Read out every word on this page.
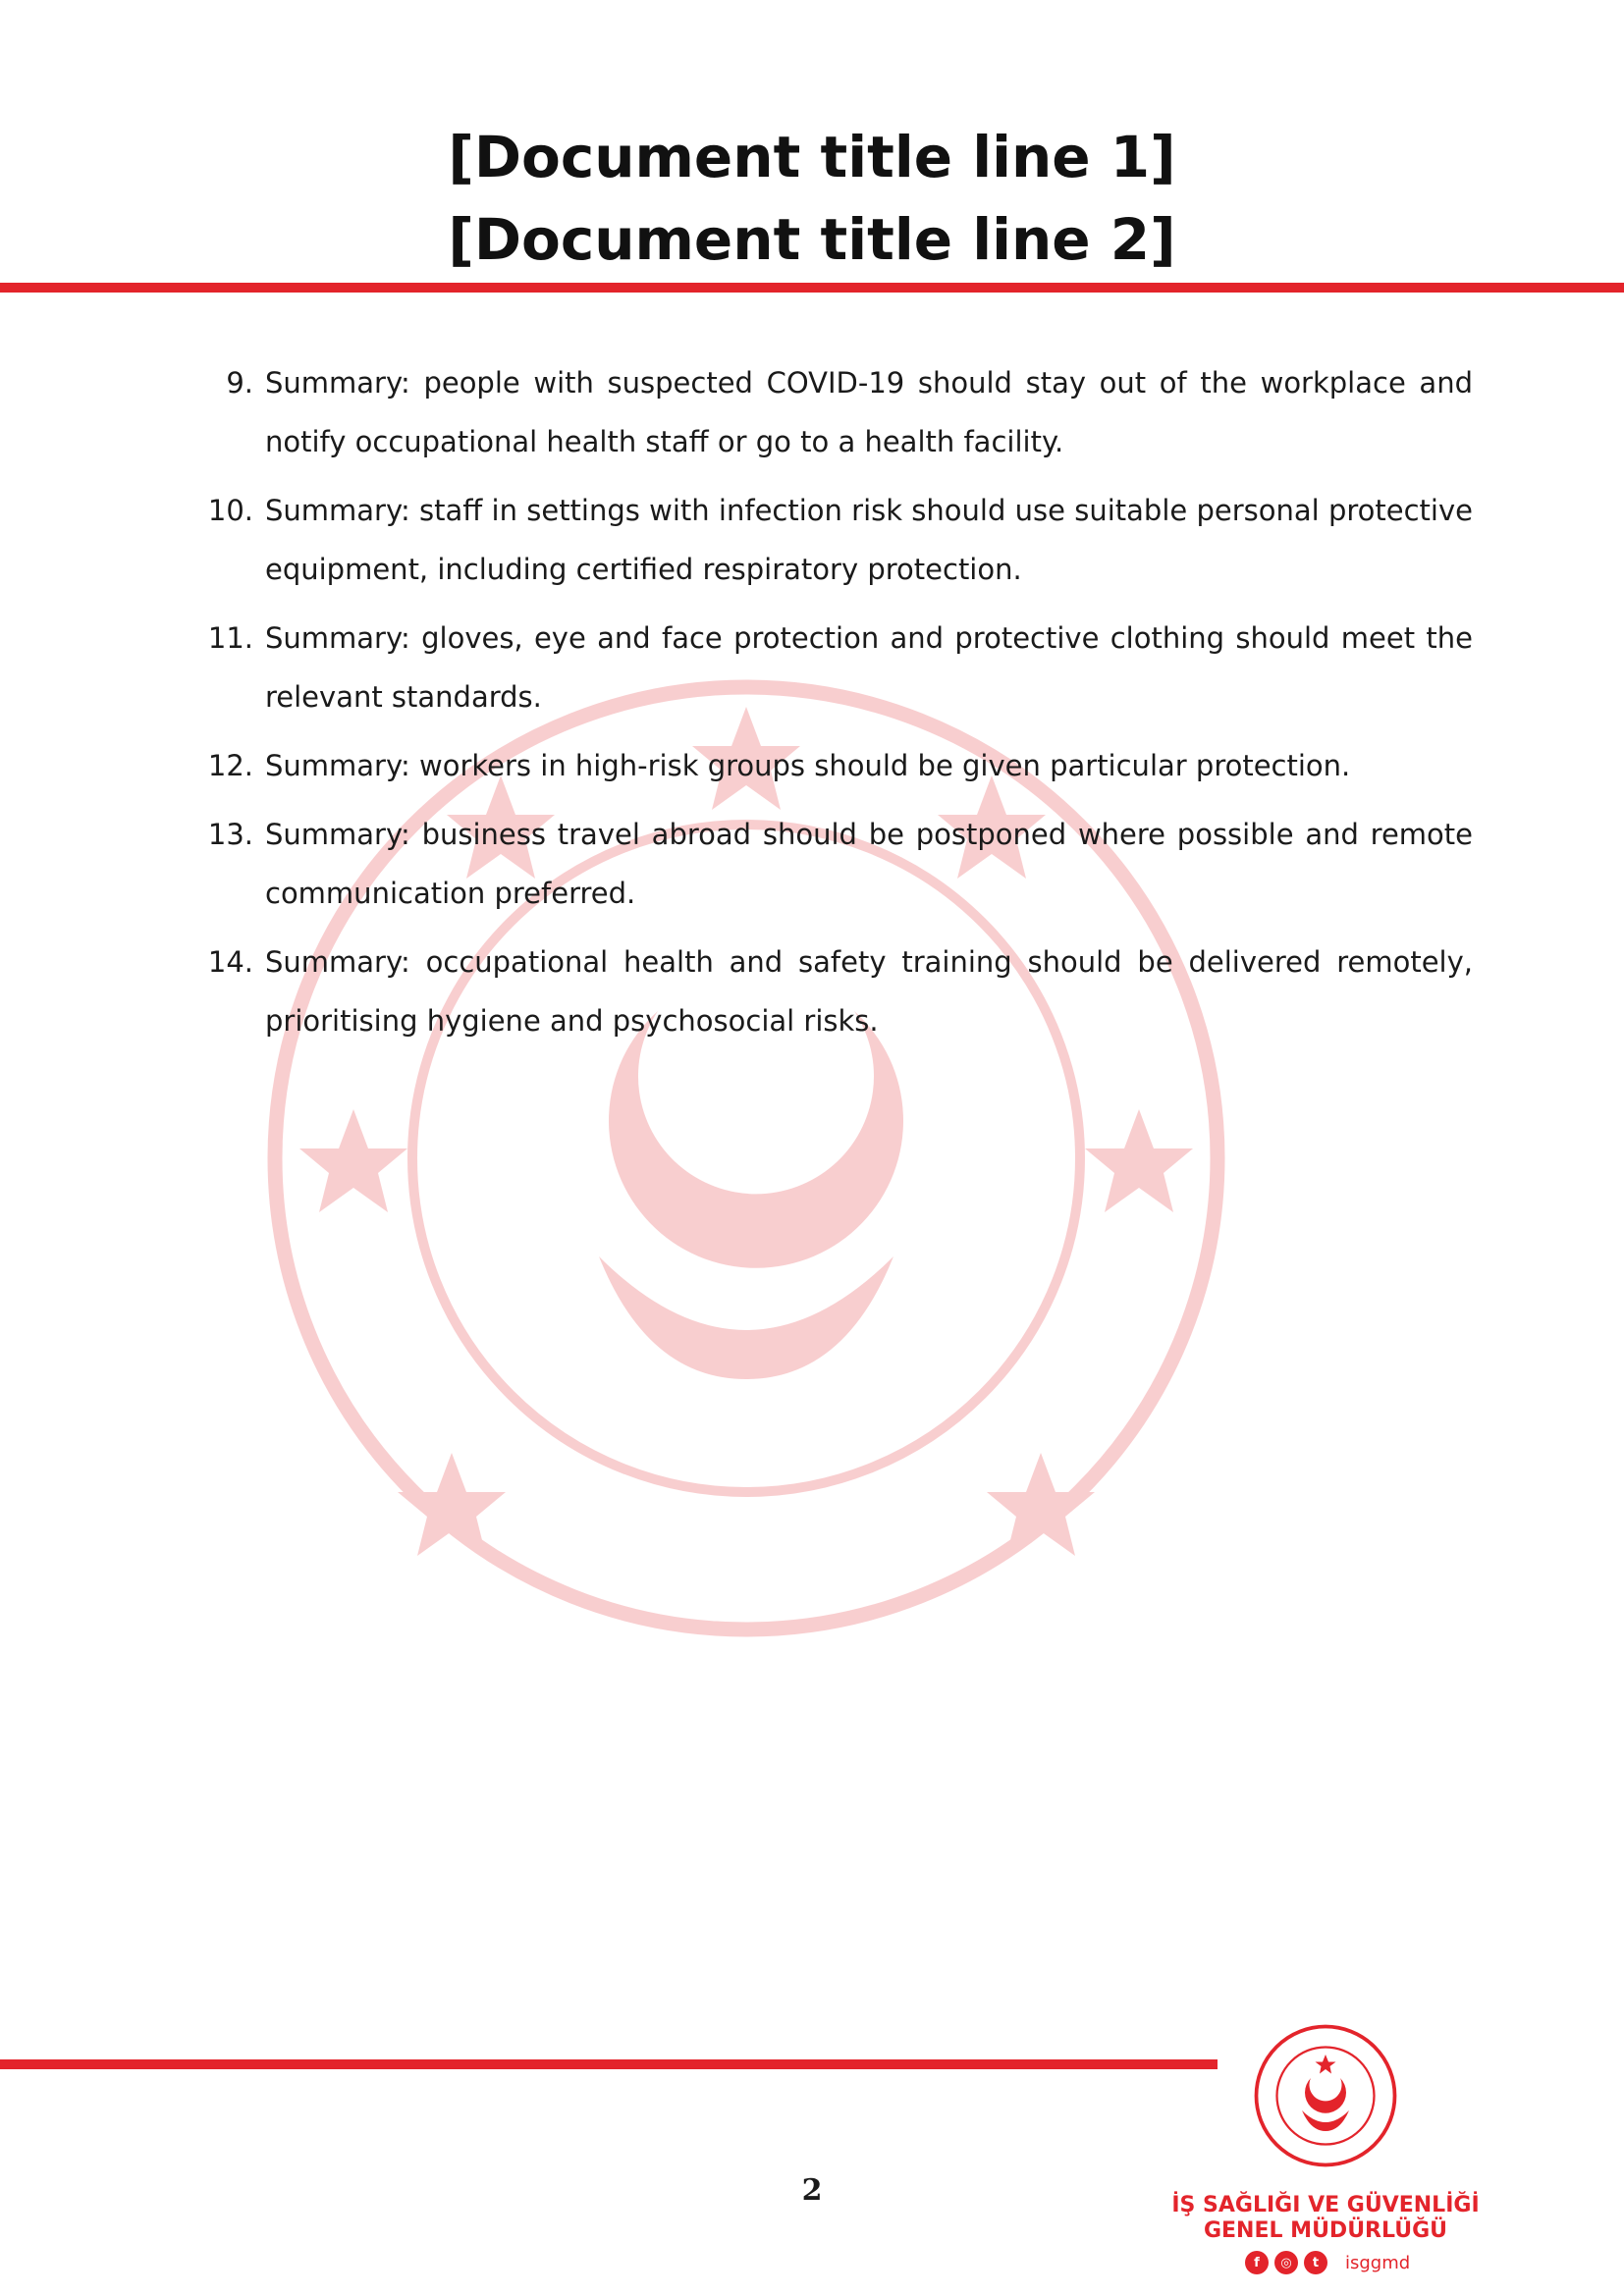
[Document title line 1]
[Document title line 2]
9. Summary: people with suspected COVID-19 should stay out of the workplace and notify occupational health staff or go to a health facility.
10. Summary: staff in settings with infection risk should use suitable personal protective equipment, including certified respiratory protection.
11. Summary: gloves, eye and face protection and protective clothing should meet the relevant standards.
12. Summary: workers in high-risk groups should be given particular protection.
13. Summary: business travel abroad should be postponed where possible and remote communication preferred.
14. Summary: occupational health and safety training should be delivered remotely, prioritising hygiene and psychosocial risks.
2	İŞ SAĞLIĞI VE GÜVENLİĞİ
GENEL MÜDÜRLÜĞÜ
f	◎	t	isggmd
